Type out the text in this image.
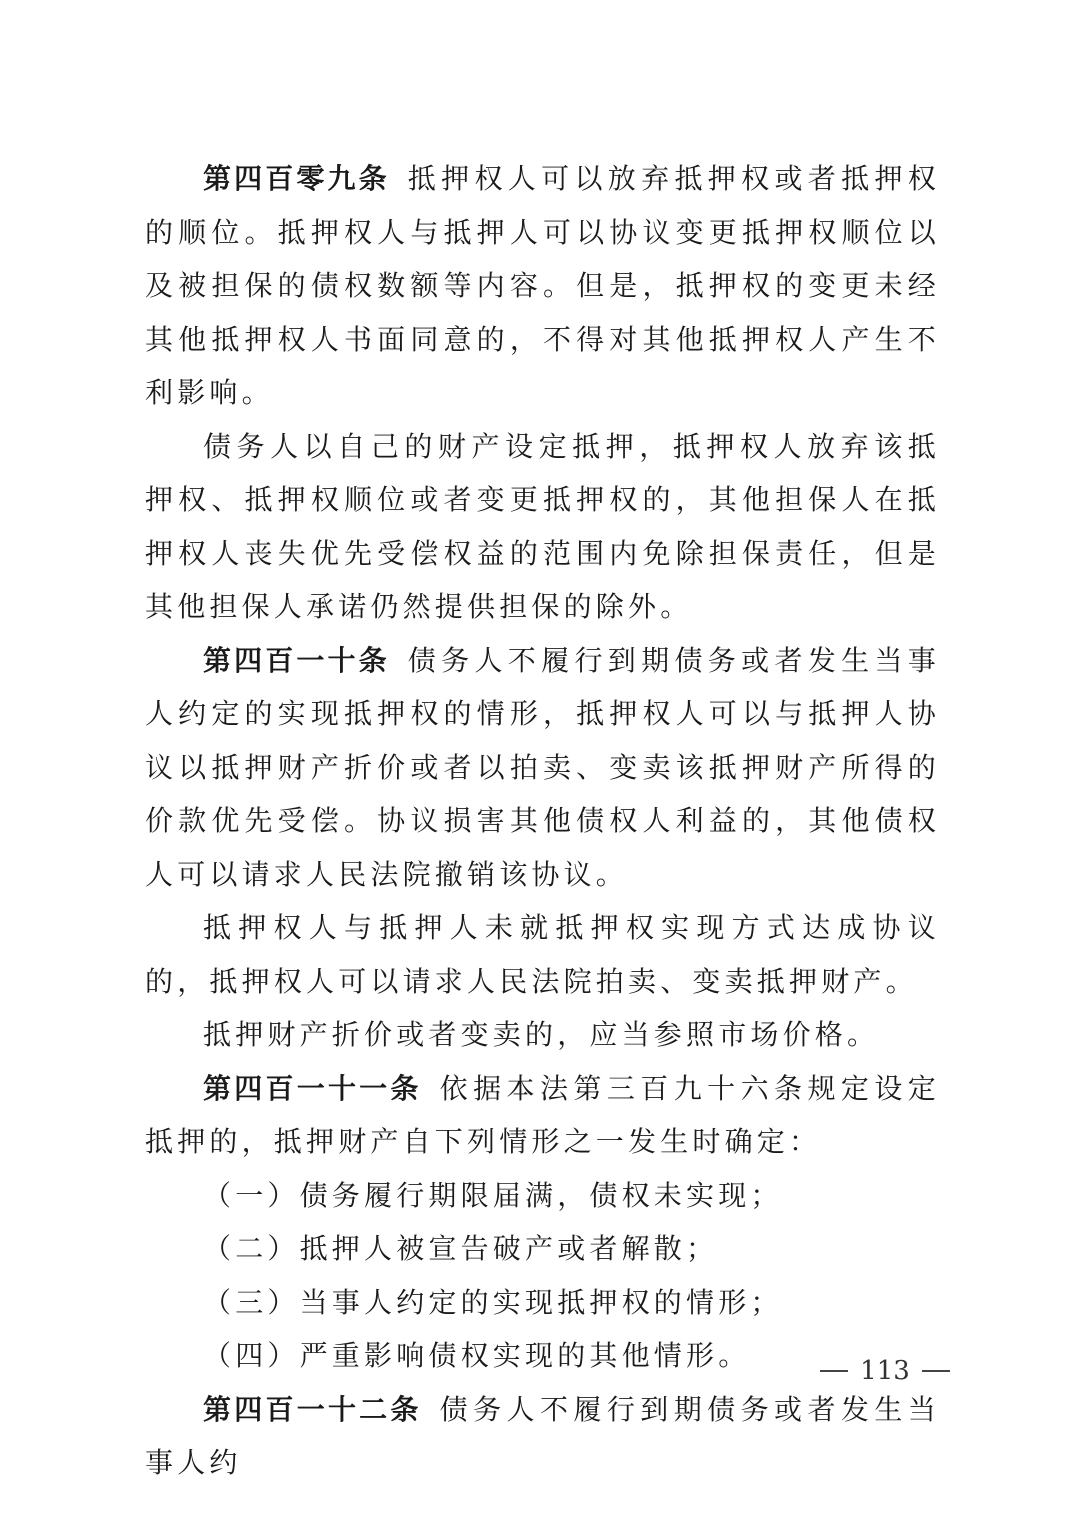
第四百零九条 抵押权人可以放弃抵押权或者抵押权的顺位。抵押权人与抵押人可以协议变更抵押权顺位以及被担保的债权数额等内容。但是，抵押权的变更未经其他抵押权人书面同意的，不得对其他抵押权人产生不利影响。

债务人以自己的财产设定抵押，抵押权人放弃该抵押权、抵押权顺位或者变更抵押权的，其他担保人在抵押权人丧失优先受偿权益的范围内免除担保责任，但是其他担保人承诺仍然提供担保的除外。

第四百一十条 债务人不履行到期债务或者发生当事人约定的实现抵押权的情形，抵押权人可以与抵押人协议以抵押财产折价或者以拍卖、变卖该抵押财产所得的价款优先受偿。协议损害其他债权人利益的，其他债权人可以请求人民法院撤销该协议。

抵押权人与抵押人未就抵押权实现方式达成协议的，抵押权人可以请求人民法院拍卖、变卖抵押财产。

抵押财产折价或者变卖的，应当参照市场价格。

第四百一十一条 依据本法第三百九十六条规定设定抵押的，抵押财产自下列情形之一发生时确定：

（一）债务履行期限届满，债权未实现；

（二）抵押人被宣告破产或者解散；

（三）当事人约定的实现抵押权的情形；

（四）严重影响债权实现的其他情形。

第四百一十二条 债务人不履行到期债务或者发生当事人约

113
